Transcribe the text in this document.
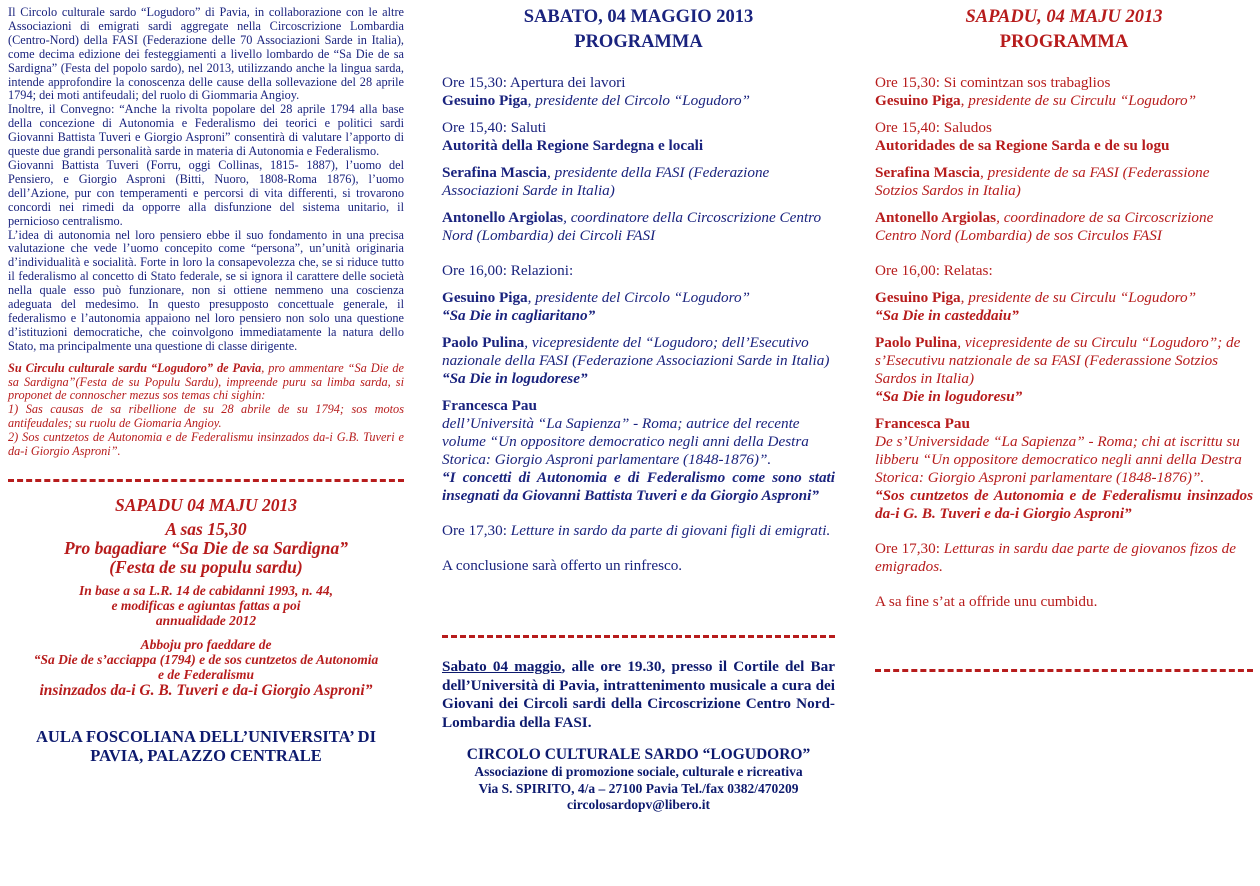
Il Circolo culturale sardo “Logudoro” di Pavia, in collaborazione con le altre Associazioni di emigrati sardi aggregate nella Circoscrizione Lombardia (Centro-Nord) della FASI (Federazione delle 70 Associazioni Sarde in Italia), come decima edizione dei festeggiamenti a livello lombardo de “Sa Die de sa Sardigna” (Festa del popolo sardo), nel 2013, utilizzando anche la lingua sarda, intende approfondire la conoscenza delle cause della sollevazione del 28 aprile 1794; dei moti antifeudali; del ruolo di Giommaria Angioy.

Inoltre, il Convegno: “Anche la rivolta popolare del 28 aprile 1794 alla base della concezione di Autonomia e Federalismo dei teorici e politici sardi Giovanni Battista Tuveri e Giorgio Asproni” consentirà di valutare l’apporto di queste due grandi personalità sarde in materia di Autonomia e Federalismo.

Giovanni Battista Tuveri (Forru, oggi Collinas, 1815- 1887), l’uomo del Pensiero, e Giorgio Asproni (Bitti, Nuoro, 1808-Roma 1876), l’uomo dell’Azione, pur con temperamenti e percorsi di vita differenti, si trovarono concordi nei rimedi da opporre alla disfunzione del sistema unitario, il pernicioso centralismo.

L’idea di autonomia nel loro pensiero ebbe il suo fondamento in una precisa valutazione che vede l’uomo concepito come “persona”, un’unità originaria d’individualità e socialità. Forte in loro la consapevolezza che, se si riduce tutto il federalismo al concetto di Stato federale, se si ignora il carattere delle società nella quale esso può funzionare, non si ottiene nemmeno una coscienza adeguata del medesimo. In questo presupposto concettuale generale, il federalismo e l’autonomia appaiono nel loro pensiero non solo una questione d’istituzioni democratiche, che coinvolgono immediatamente la natura dello Stato, ma principalmente una questione di classe dirigente.

Su Circulu culturale sardu “Logudoro” de Pavia, pro ammentare “Sa Die de sa Sardigna”(Festa de su Populu Sardu), impreende puru sa limba sarda, si proponet de connoscher mezus sos temas chi sighin:

1) Sas causas de sa ribellione de su 28 abrile de su 1794; sos motos antifeudales; su ruolu de Giomaria Angioy.

2) Sos cuntzetos de Autonomia e de Federalismu insinzados da-i G.B. Tuveri e da-i Giorgio Asproni”.

SAPADU 04 MAJU 2013
A sas 15,30
Pro bagadiare “Sa Die de sa Sardigna”
(Festa de su populu sardu)
In base a sa L.R. 14 de cabidanni 1993, n. 44,
e modificas e agiuntas fattas a poi
annualidade 2012
Abboju pro faeddare de
“Sa Die de s’acciappa (1794) e de sos cuntzetos de Autonomia
e de Federalismu
insinzados da-i G. B. Tuveri e da-i Giorgio Asproni”
AULA FOSCOLIANA DELL’UNIVERSITA’ DI
PAVIA, PALAZZO CENTRALE
SABATO, 04 MAGGIO 2013
PROGRAMMA

Ore 15,30: Apertura dei lavori

Gesuino Piga, presidente del Circolo “Logudoro”

Ore 15,40: Saluti

Autorità della Regione Sardegna e locali

Serafina Mascia, presidente della FASI (Federazione Associazioni Sarde in Italia)

Antonello Argiolas, coordinatore della Circoscrizione Centro Nord (Lombardia) dei Circoli FASI

Ore 16,00: Relazioni:

Gesuino Piga, presidente del Circolo “Logudoro”

“Sa Die in cagliaritano”

Paolo Pulina, vicepresidente del “Logudoro; dell’Esecutivo nazionale della FASI (Federazione Associazioni Sarde in Italia)

“Sa Die in logudorese”

Francesca Pau

dell’Università “La Sapienza” - Roma; autrice del recente volume “Un oppositore democratico negli anni della Destra Storica: Giorgio Asproni parlamentare (1848-1876)”.

“I concetti di Autonomia e di Federalismo come sono stati insegnati da Giovanni Battista Tuveri e da Giorgio Asproni”

Ore 17,30: Letture in sardo da parte di giovani figli di emigrati.

A conclusione sarà offerto un rinfresco.

Sabato 04 maggio, alle ore 19.30, presso il Cortile del Bar dell’Università di Pavia, intrattenimento musicale a cura dei Giovani dei Circoli sardi della Circoscrizione Centro Nord-Lombardia della FASI.
CIRCOLO CULTURALE SARDO “LOGUDORO”
Associazione di promozione sociale, culturale e ricreativa
Via S. SPIRITO, 4/a – 27100 Pavia Tel./fax 0382/470209
circolosardopv@libero.it
SAPADU, 04 MAJU 2013
PROGRAMMA

Ore 15,30: Si comintzan sos trabaglios

Gesuino Piga, presidente de su Circulu “Logudoro”

Ore 15,40: Saludos

Autoridades de sa Regione Sarda e de su logu

Serafina Mascia, presidente de sa FASI (Federassione Sotzios Sardos in Italia)

Antonello Argiolas, coordinadore de sa Circoscrizione Centro Nord (Lombardia) de sos Circulos FASI

Ore 16,00: Relatas:

Gesuino Piga, presidente de su Circulu “Logudoro”

“Sa Die in casteddaiu”

Paolo Pulina, vicepresidente de su Circulu “Logudoro”; de s’Esecutivu natzionale de sa FASI (Federassione Sotzios Sardos in Italia)

“Sa Die in logudoresu”

Francesca Pau

De s’Universidade “La Sapienza” - Roma; chi at iscrittu su libberu “Un oppositore democratico negli anni della Destra Storica: Giorgio Asproni parlamentare (1848-1876)”.

“Sos cuntzetos de Autonomia e de Federalismu insinzados da-i G. B. Tuveri e da-i Giorgio Asproni”

Ore 17,30: Letturas in sardu dae parte de giovanos fizos de emigrados.

A sa fine s’at a offride unu cumbidu.
